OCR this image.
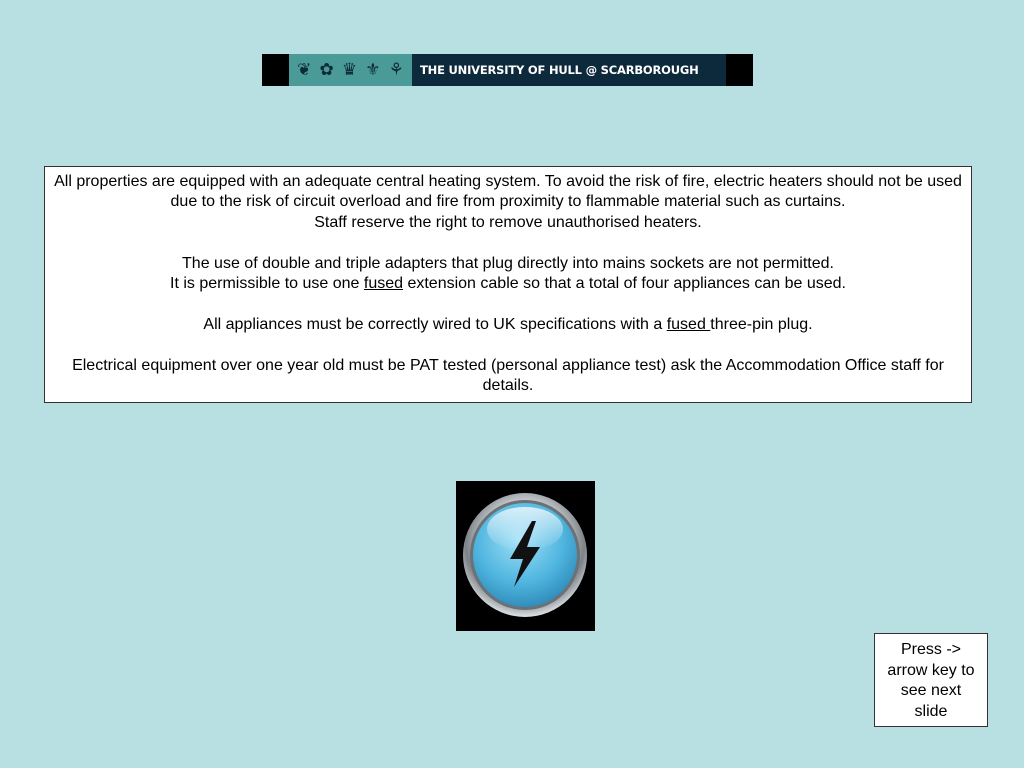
❦ ✿ ♛ ⚜ ⚘ THE UNIVERSITY OF HULL @ SCARBOROUGH

All properties are equipped with an adequate central heating system. To avoid the risk of fire, electric heaters should not be used due to the risk of circuit overload and fire from proximity to flammable material such as curtains.

Staff reserve the right to remove unauthorised heaters.

The use of double and triple adapters that plug directly into mains sockets are not permitted.

It is permissible to use one fused extension cable so that a total of four appliances can be used.

All appliances must be correctly wired to UK specifications with a fused three-pin plug.

Electrical equipment over one year old must be PAT tested (personal appliance test) ask the Accommodation Office staff for details.

Press -> arrow key to see next slide
